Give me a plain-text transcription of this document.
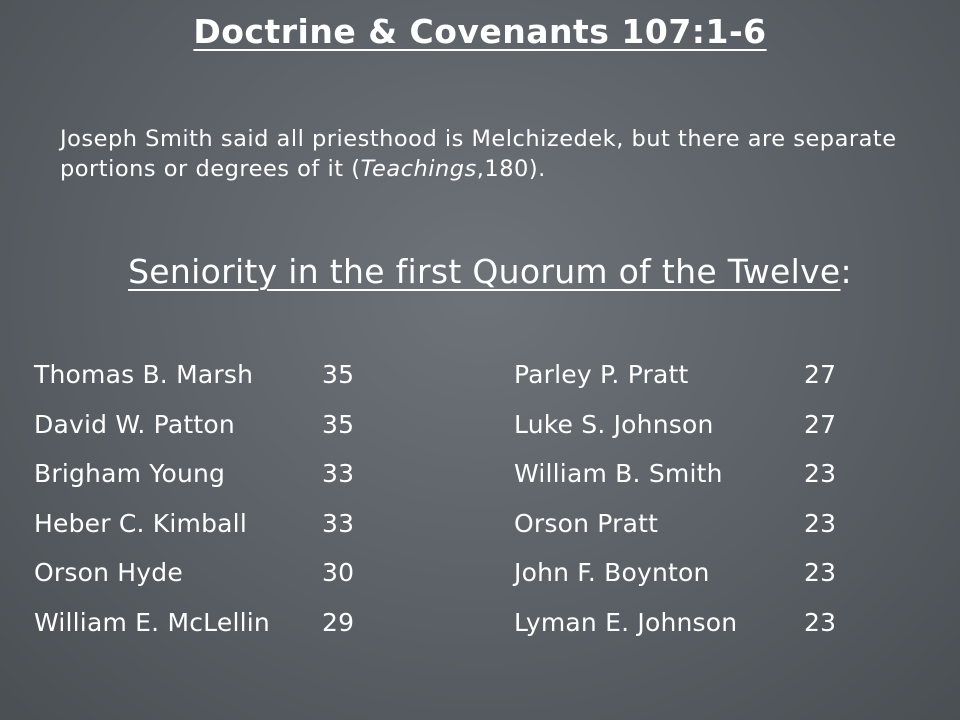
Doctrine & Covenants 107:1-6
Joseph Smith said all priesthood is Melchizedek, but there are separate portions or degrees of it (Teachings,180).
Seniority in the first Quorum of the Twelve:
Thomas B. Marsh	35
David W. Patton	35
Brigham Young	33
Heber C. Kimball	33
Orson Hyde	30
William E. McLellin	29
Parley P. Pratt	27
Luke S. Johnson	27
William B. Smith	23
Orson Pratt	23
John F. Boynton	23
Lyman E. Johnson	23
